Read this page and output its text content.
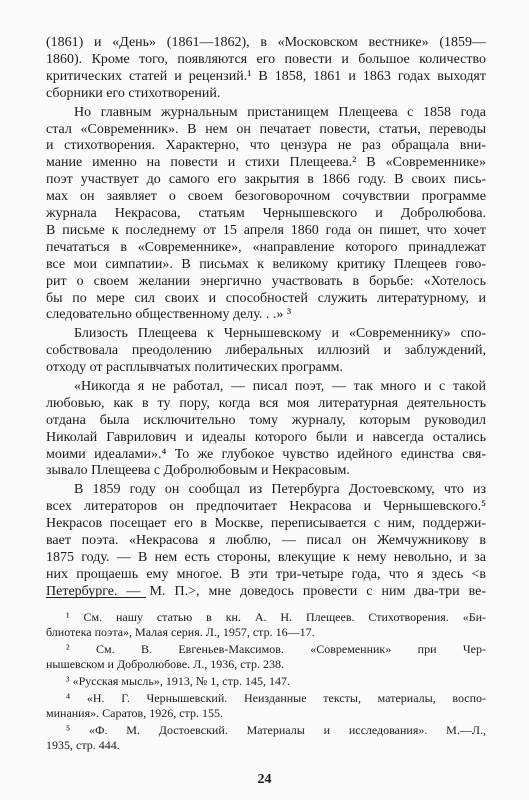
(1861) и «День» (1861—1862), в «Московском вестнике» (1859—
1860). Кроме того, появляются его повести и большое количество
критических статей и рецензий.¹ В 1858, 1861 и 1863 годах выходят
сборники его стихотворений.
Но главным журнальным пристанищем Плещеева с 1858 года
стал «Современник». В нем он печатает повести, статьи, переводы
и стихотворения. Характерно, что цензура не раз обращала вни-
мание именно на повести и стихи Плещеева.² В «Современнике»
поэт участвует до самого его закрытия в 1866 году. В своих пись-
мах он заявляет о своем безоговорочном сочувствии программе
журнала Некрасова, статьям Чернышевского и Добролюбова.
В письме к последнему от 15 апреля 1860 года он пишет, что хочет
печататься в «Современнике», «направление которого принадлежат
все мои симпатии». В письмах к великому критику Плещеев гово-
рит о своем желании энергично участвовать в борьбе: «Хотелось
бы по мере сил своих и способностей служить литературному, и
следовательно общественному делу. . .» ³
Близость Плещеева к Чернышевскому и «Современнику» спо-
собствовала преодолению либеральных иллюзий и заблуждений,
отходу от расплывчатых политических программ.
«Никогда я не работал, — писал поэт, — так много и с такой
любовью, как в ту пору, когда вся моя литературная деятельность
отдана была исключительно тому журналу, которым руководил
Николай Гаврилович и идеалы которого были и навсегда остались
моими идеалами».⁴ То же глубокое чувство идейного единства свя-
зывало Плещеева с Добролюбовым и Некрасовым.
В 1859 году он сообщал из Петербурга Достоевскому, что из
всех литераторов он предпочитает Некрасова и Чернышевского.⁵
Некрасов посещает его в Москве, переписывается с ним, поддержи-
¹ См. нашу статью в кн. А. Н. Плещеев. Стихотворения. «Би-
блиотека поэта», Малая серия. Л., 1957, стр. 16—17.
² См. В. Евгеньев-Максимов. «Современник» при Чер-
нышевском и Добролюбове. Л., 1936, стр. 238.
³ «Русская мысль», 1913, № 1, стр. 145, 147.
⁴ «Н. Г. Чернышевский. Неизданные тексты, материалы, воспо-
минания». Саратов, 1926, стр. 155.
⁵ «Ф. М. Достоевский. Материалы и исследования». М.—Л.,
1935, стр. 444.
24
вает поэта. «Некрасова я люблю, — писал он Жемчужникову в
1875 году. — В нем есть стороны, влекущие к нему невольно, и за
них прощаешь ему многое. В эти три-четыре года, что я здесь <в
Петербурге. — М. П.>, мне доведось провести с ним два-три ве-
